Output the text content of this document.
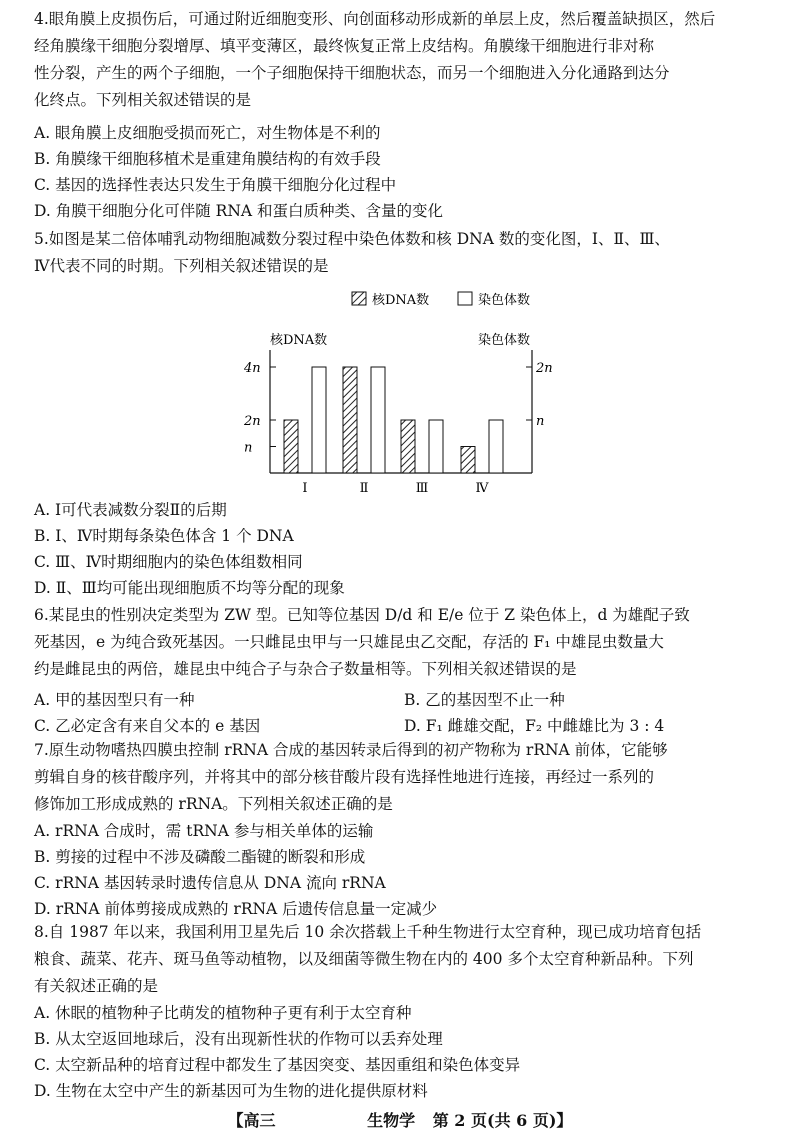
4.眼角膜上皮损伤后，可通过附近细胞变形、向创面移动形成新的单层上皮，然后覆盖缺损区，然后
经角膜缘干细胞分裂增厚、填平变薄区，最终恢复正常上皮结构。角膜缘干细胞进行非对称
性分裂，产生的两个子细胞，一个子细胞保持干细胞状态，而另一个细胞进入分化通路到达分
化终点。下列相关叙述错误的是
A. 眼角膜上皮细胞受损而死亡，对生物体是不利的
B. 角膜缘干细胞移植术是重建角膜结构的有效手段
C. 基因的选择性表达只发生于角膜干细胞分化过程中
D. 角膜干细胞分化可伴随 RNA 和蛋白质种类、含量的变化
5.如图是某二倍体哺乳动物细胞减数分裂过程中染色体数和核 DNA 数的变化图，Ⅰ、Ⅱ、Ⅲ、
Ⅳ代表不同的时期。下列相关叙述错误的是
核DNA数	染色体数
核DNA数	染色体数
n
2n
4n
n
2n
Ⅰ	Ⅱ	Ⅲ	Ⅳ
A. Ⅰ可代表减数分裂Ⅱ的后期
B. Ⅰ、Ⅳ时期每条染色体含 1 个 DNA
C. Ⅲ、Ⅳ时期细胞内的染色体组数相同
D. Ⅱ、Ⅲ均可能出现细胞质不均等分配的现象
6.某昆虫的性别决定类型为 ZW 型。已知等位基因 D/d 和 E/e 位于 Z 染色体上，d 为雄配子致
死基因，e 为纯合致死基因。一只雌昆虫甲与一只雄昆虫乙交配，存活的 F₁ 中雄昆虫数量大
约是雌昆虫的两倍，雄昆虫中纯合子与杂合子数量相等。下列相关叙述错误的是
A. 甲的基因型只有一种	B. 乙的基因型不止一种
C. 乙必定含有来自父本的 e 基因	D. F₁ 雌雄交配，F₂ 中雌雄比为 3 : 4
7.原生动物嗜热四膜虫控制 rRNA 合成的基因转录后得到的初产物称为 rRNA 前体，它能够
剪辑自身的核苷酸序列，并将其中的部分核苷酸片段有选择性地进行连接，再经过一系列的
修饰加工形成成熟的 rRNA。下列相关叙述正确的是
A. rRNA 合成时，需 tRNA 参与相关单体的运输
B. 剪接的过程中不涉及磷酸二酯键的断裂和形成
C. rRNA 基因转录时遗传信息从 DNA 流向 rRNA
D. rRNA 前体剪接成成熟的 rRNA 后遗传信息量一定减少
8.自 1987 年以来，我国利用卫星先后 10 余次搭载上千种生物进行太空育种，现已成功培育包括
粮食、蔬菜、花卉、斑马鱼等动植物，以及细菌等微生物在内的 400 多个太空育种新品种。下列
有关叙述正确的是
A. 休眠的植物种子比萌发的植物种子更有利于太空育种
B. 从太空返回地球后，没有出现新性状的作物可以丢弃处理
C. 太空新品种的培育过程中都发生了基因突变、基因重组和染色体变异
D. 生物在太空中产生的新基因可为生物的进化提供原材料
【高三	生物学 第 2 页(共 6 页)】
